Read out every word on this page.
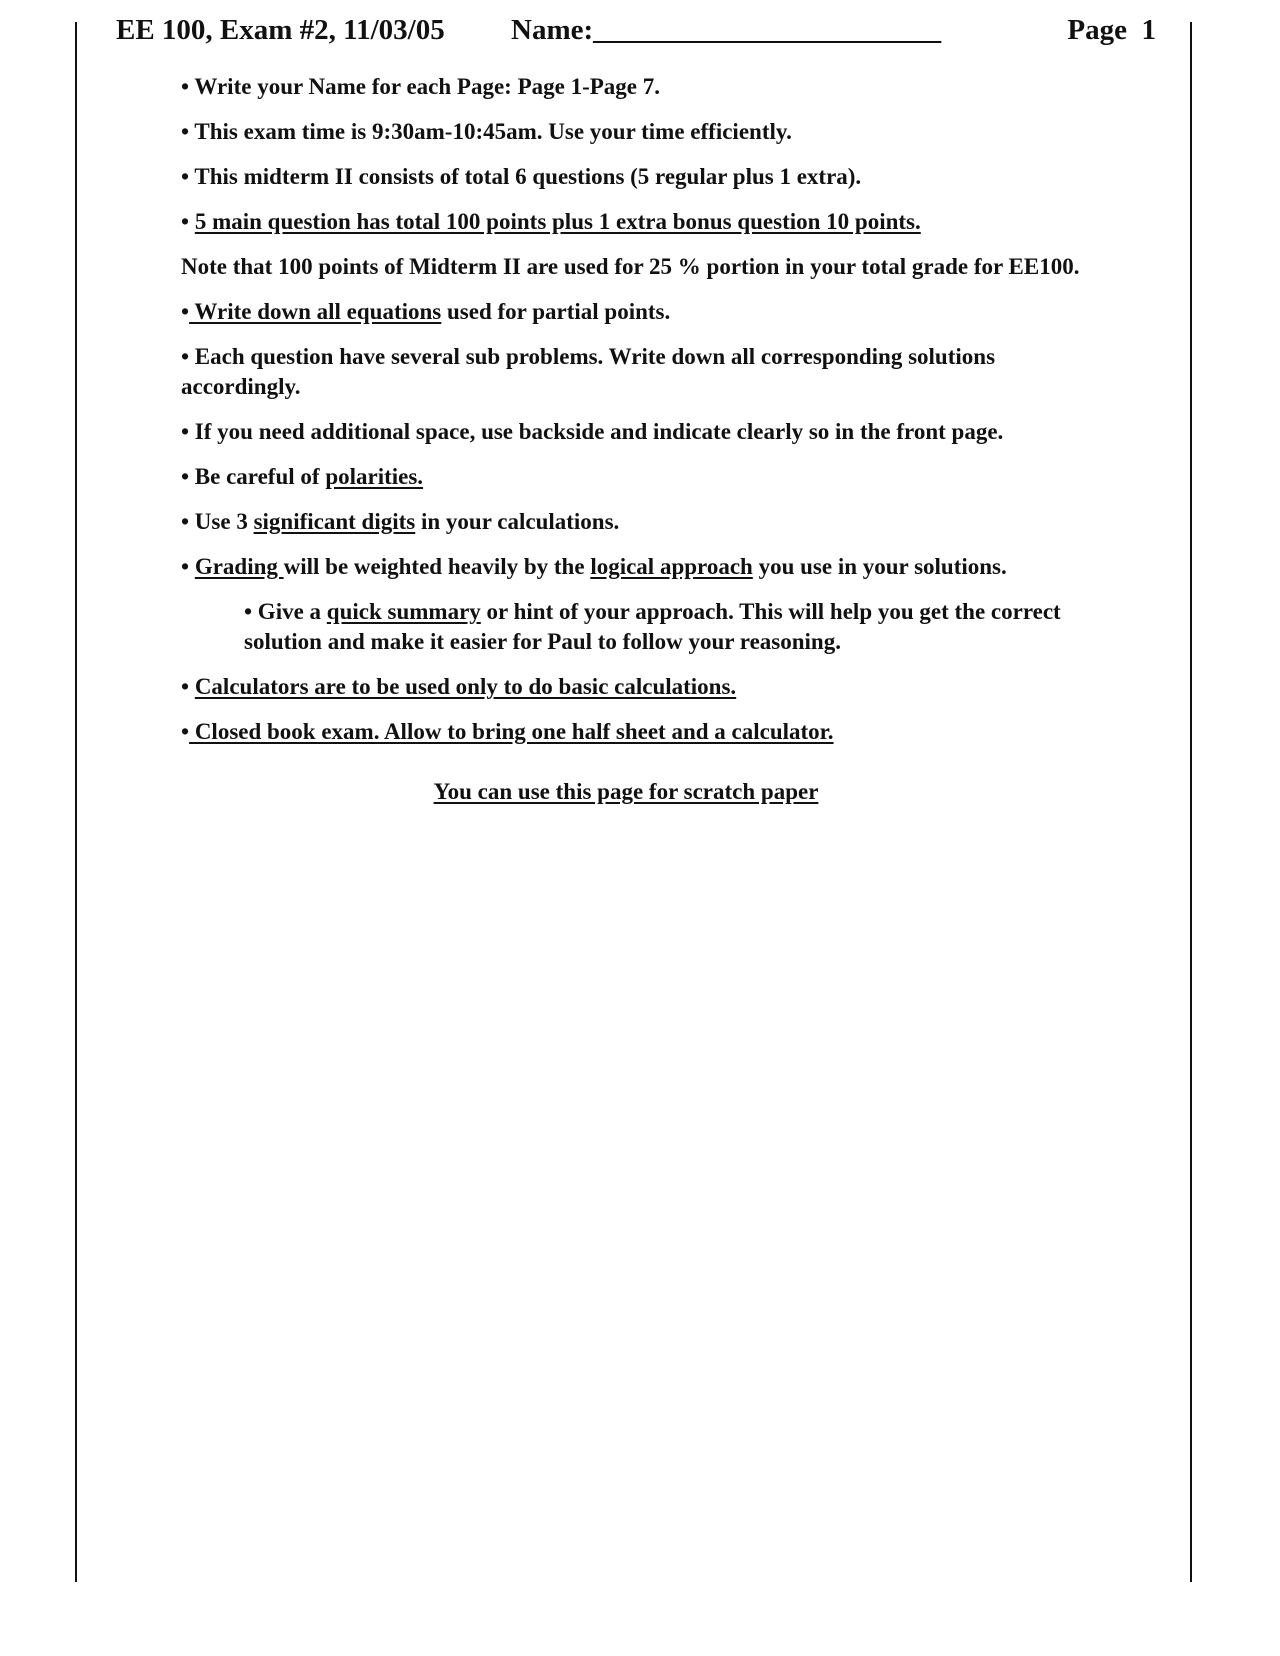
EE 100, Exam #2, 11/03/05 Name:________________________	Page 1

• Write your Name for each Page: Page 1-Page 7.

• This exam time is 9:30am-10:45am. Use your time efficiently.

• This midterm II consists of total 6 questions (5 regular plus 1 extra).

• 5 main question has total 100 points plus 1 extra bonus question 10 points.

Note that 100 points of Midterm II are used for 25 % portion in your total grade for EE100.

• Write down all equations used for partial points.

• Each question have several sub problems. Write down all corresponding solutions accordingly.

• If you need additional space, use backside and indicate clearly so in the front page.

• Be careful of polarities.

• Use 3 significant digits in your calculations.

• Grading will be weighted heavily by the logical approach you use in your solutions.

• Give a quick summary or hint of your approach. This will help you get the correct solution and make it easier for Paul to follow your reasoning.

• Calculators are to be used only to do basic calculations.

• Closed book exam. Allow to bring one half sheet and a calculator.

You can use this page for scratch paper
